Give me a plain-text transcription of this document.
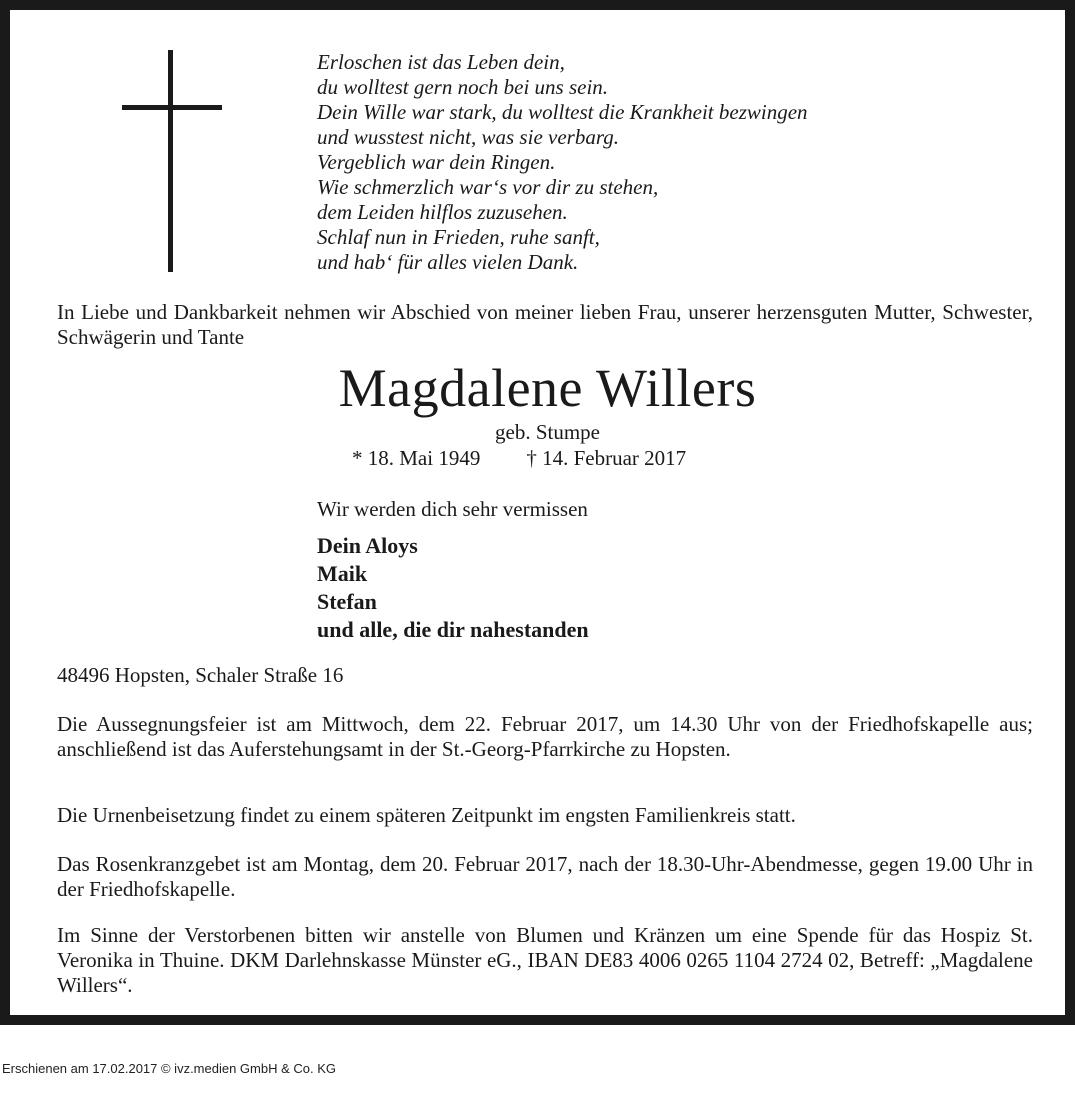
Erloschen ist das Leben dein,
du wolltest gern noch bei uns sein.
Dein Wille war stark, du wolltest die Krankheit bezwingen
und wusstest nicht, was sie verbarg.
Vergeblich war dein Ringen.
Wie schmerzlich war‘s vor dir zu stehen,
dem Leiden hilflos zuzusehen.
Schlaf nun in Frieden, ruhe sanft,
und hab‘ für alles vielen Dank.
In Liebe und Dankbarkeit nehmen wir Abschied von meiner lieben Frau, unserer herzensguten Mutter, Schwester, Schwägerin und Tante
Magdalene Willers
geb. Stumpe
* 18. Mai 1949 † 14. Februar 2017
Wir werden dich sehr vermissen
Dein Aloys
Maik
Stefan
und alle, die dir nahestanden
48496 Hopsten, Schaler Straße 16
Die Aussegnungsfeier ist am Mittwoch, dem 22. Februar 2017, um 14.30 Uhr von der Friedhofskapelle aus; anschließend ist das Auferstehungsamt in der St.-Georg-Pfarrkirche zu Hopsten.
Die Urnenbeisetzung findet zu einem späteren Zeitpunkt im engsten Familienkreis statt.
Das Rosenkranzgebet ist am Montag, dem 20. Februar 2017, nach der 18.30-Uhr-Abendmesse, gegen 19.00 Uhr in der Friedhofskapelle.
Im Sinne der Verstorbenen bitten wir anstelle von Blumen und Kränzen um eine Spende für das Hospiz St. Veronika in Thuine. DKM Darlehnskasse Münster eG., IBAN DE83 4006 0265 1104 2724 02, Betreff: „Magdalene Willers“.
Erschienen am 17.02.2017 © ivz.medien GmbH & Co. KG
